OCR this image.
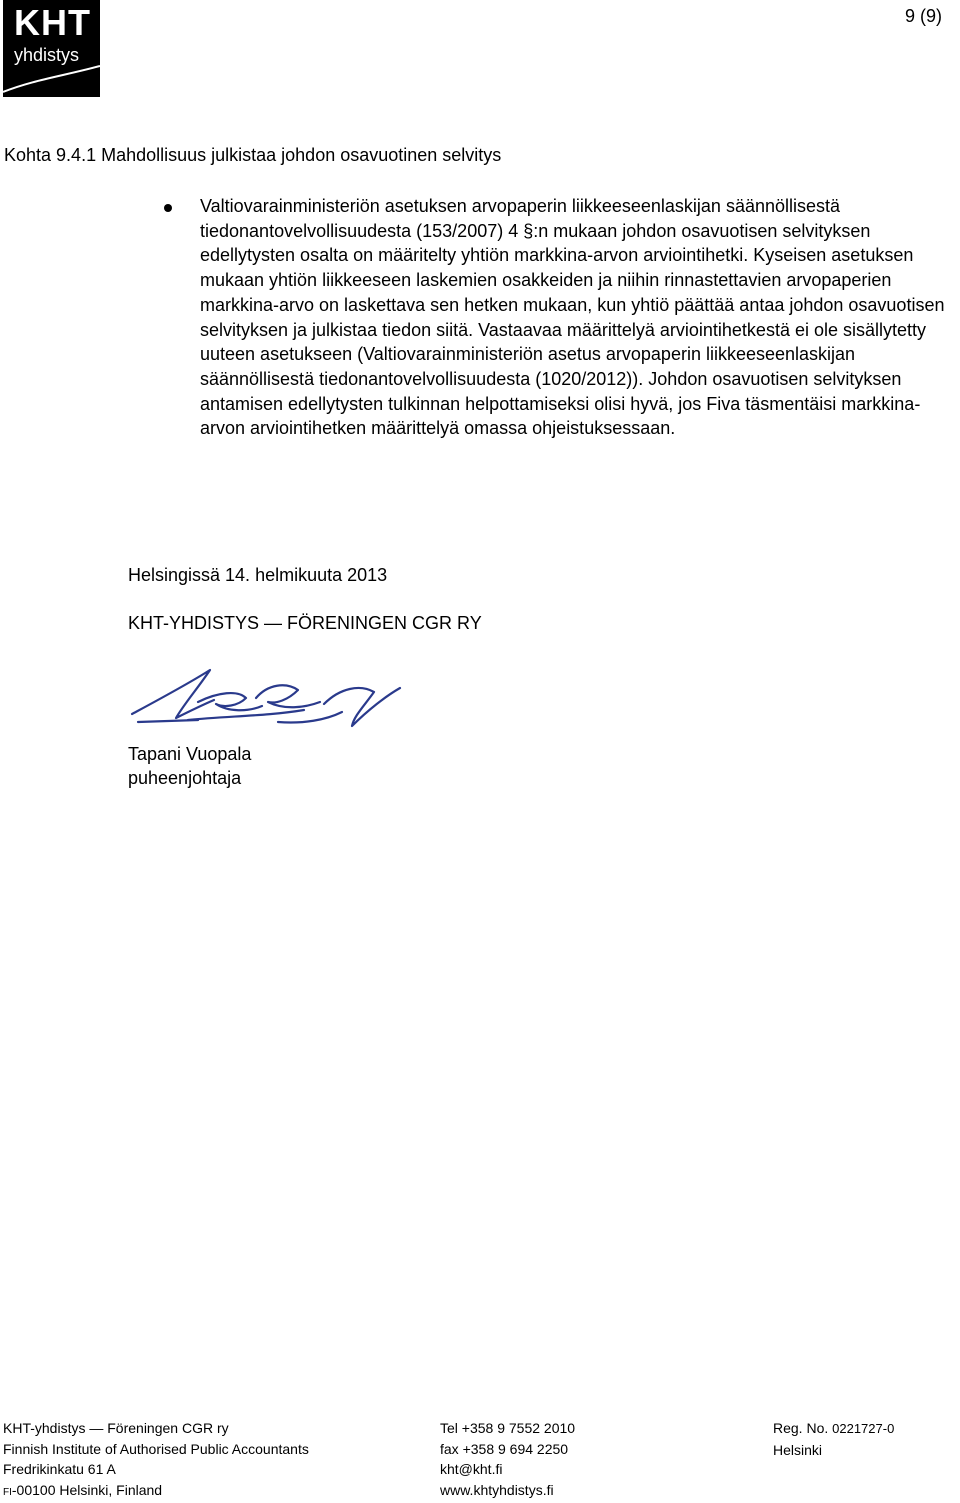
KHT
yhdistys
9 (9)
Kohta 9.4.1 Mahdollisuus julkistaa johdon osavuotinen selvitys
Valtiovarainministeriön asetuksen arvopaperin liikkeeseenlaskijan säännöllisestä tiedonantovelvollisuudesta (153/2007) 4 §:n mukaan johdon osavuotisen selvityksen edellytysten osalta on määritelty yhtiön markkina-arvon arviointihetki. Kyseisen asetuksen mukaan yhtiön liikkeeseen laskemien osakkeiden ja niihin rinnastettavien arvopaperien markkina-arvo on laskettava sen hetken mukaan, kun yhtiö päättää antaa johdon osavuotisen selvityksen ja julkistaa tiedon siitä. Vastaavaa määrittelyä arviointihetkestä ei ole sisällytetty uuteen asetukseen (Valtiovarainministeriön asetus arvopaperin liikkeeseenlaskijan säännöllisestä tiedonantovelvollisuudesta (1020/2012)). Johdon osavuotisen selvityksen antamisen edellytysten tulkinnan helpottamiseksi olisi hyvä, jos Fiva täsmentäisi markkina-arvon arviointihetken määrittelyä omassa ohjeistuksessaan.
Helsingissä 14. helmikuuta 2013
KHT-YHDISTYS — FÖRENINGEN CGR RY
Tapani Vuopala
puheenjohtaja
KHT-yhdistys — Föreningen CGR ry
Finnish Institute of Authorised Public Accountants
Fredrikinkatu 61 A
FI-00100 Helsinki, Finland
Tel +358 9 7552 2010
fax +358 9 694 2250
kht@kht.fi
www.khtyhdistys.fi
Reg. No. 0221727-0
Helsinki
